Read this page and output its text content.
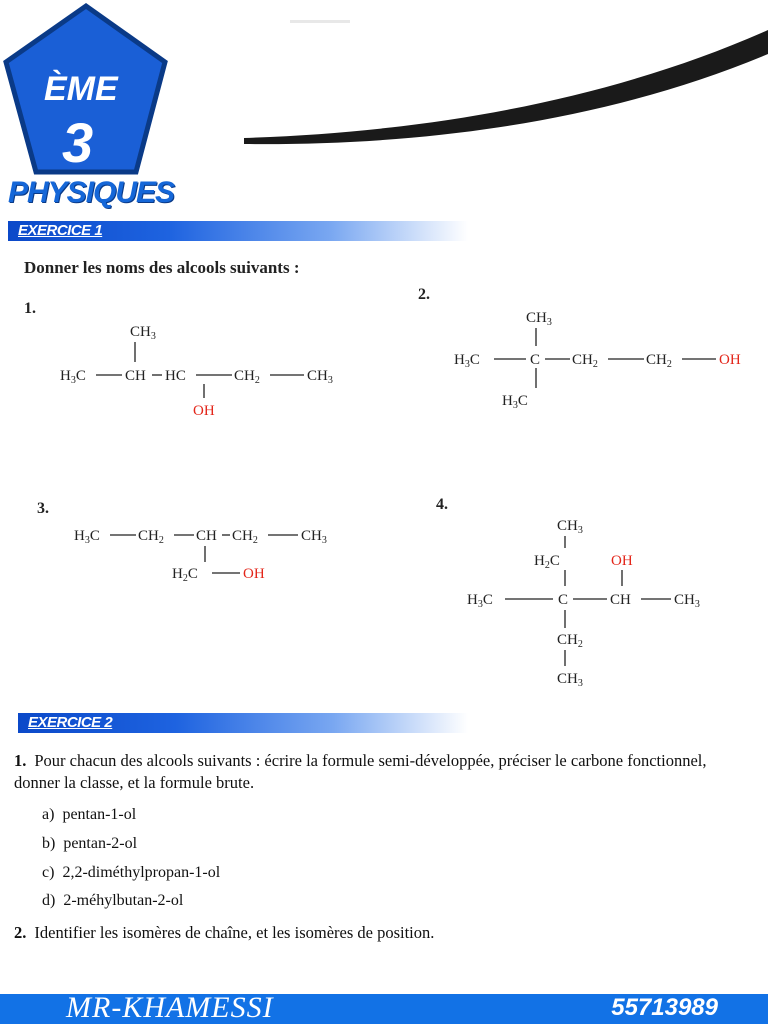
ÈME
3
PHYSIQUES
EXERCICE 1
Donner les noms des alcools suivants :
1.
2.
3.	4.
$CH_3$
$H_3C$	CH HC	$CH_2$	$CH_3$
OH
$CH_3$
$H_3C$	C $CH_2$	$CH_2$	OH
$H_3C$
$H_3C$	$CH_2$ CH $CH_2$	$CH_3$
$H_2C$	OH
$CH_3$
$H_2C$	OH
$H_3C$	C	CH	$CH_3$
$CH_2$
$CH_3$
EXERCICE 2
1. Pour chacun des alcools suivants : écrire la formule semi-développée, préciser le carbone fonctionnel, donner la classe, et la formule brute.
a) pentan-1-ol
b) pentan-2-ol
c) 2,2-diméthylpropan-1-ol
d) 2-méhylbutan-2-ol
2. Identifier les isomères de chaîne, et les isomères de position.
MR-KHAMESSI	55713989
